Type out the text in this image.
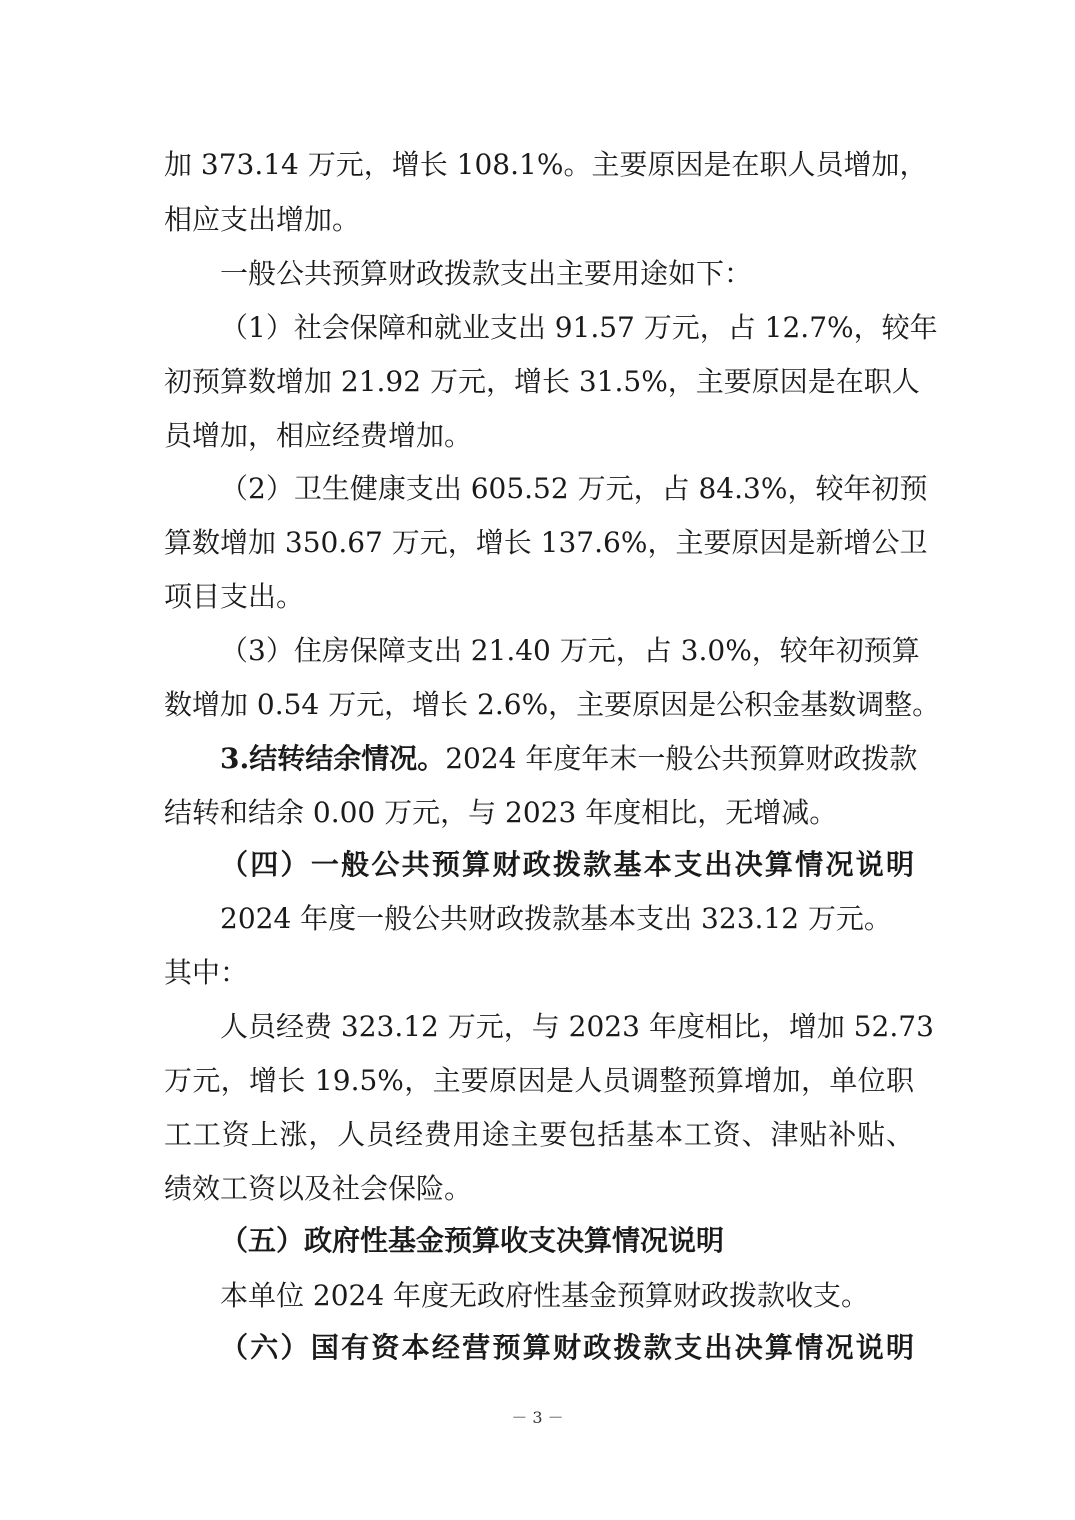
加 373.14 万元，增长 108.1%。主要原因是在职人员增加，
相应支出增加。
一般公共预算财政拨款支出主要用途如下：
（1）社会保障和就业支出 91.57 万元，占 12.7%，较年
初预算数增加 21.92 万元，增长 31.5%，主要原因是在职人
员增加，相应经费增加。
（2）卫生健康支出 605.52 万元，占 84.3%，较年初预
算数增加 350.67 万元，增长 137.6%，主要原因是新增公卫
项目支出。
（3）住房保障支出 21.40 万元，占 3.0%，较年初预算
数增加 0.54 万元，增长 2.6%，主要原因是公积金基数调整。
3.结转结余情况。2024 年度年末一般公共预算财政拨款
结转和结余 0.00 万元，与 2023 年度相比，无增减。
（四）一般公共预算财政拨款基本支出决算情况说明
2024 年度一般公共财政拨款基本支出 323.12 万元。
其中：
人员经费 323.12 万元，与 2023 年度相比，增加 52.73
万元，增长 19.5%，主要原因是人员调整预算增加，单位职
工工资上涨，人员经费用途主要包括基本工资、津贴补贴、
绩效工资以及社会保险。
（五）政府性基金预算收支决算情况说明
本单位 2024 年度无政府性基金预算财政拨款收支。
（六）国有资本经营预算财政拨款支出决算情况说明
－ 3 －
